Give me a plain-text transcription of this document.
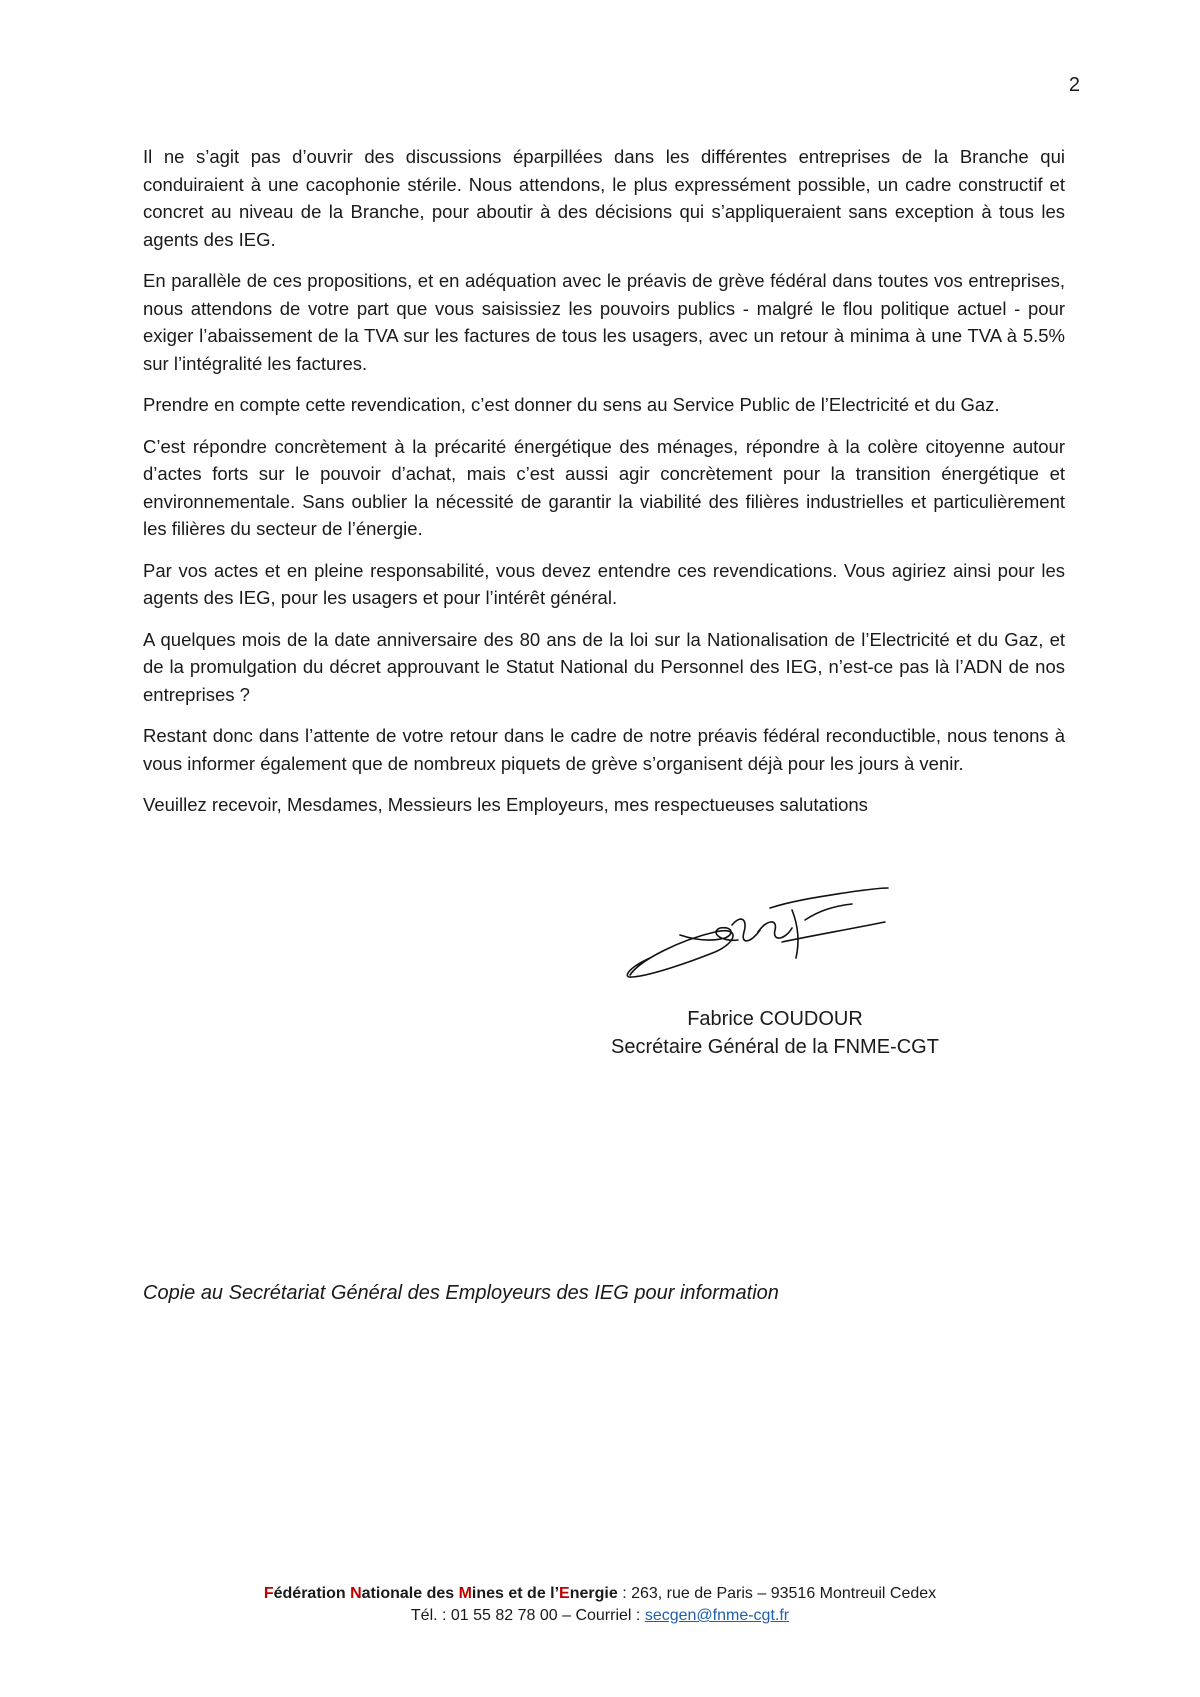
2

Il ne s’agit pas d’ouvrir des discussions éparpillées dans les différentes entreprises de la Branche qui conduiraient à une cacophonie stérile. Nous attendons, le plus expressément possible, un cadre constructif et concret au niveau de la Branche, pour aboutir à des décisions qui s’appliqueraient sans exception à tous les agents des IEG.

En parallèle de ces propositions, et en adéquation avec le préavis de grève fédéral dans toutes vos entreprises, nous attendons de votre part que vous saisissiez les pouvoirs publics - malgré le flou politique actuel - pour exiger l’abaissement de la TVA sur les factures de tous les usagers, avec un retour à minima à une TVA à 5.5% sur l’intégralité les factures.

Prendre en compte cette revendication, c’est donner du sens au Service Public de l’Electricité et du Gaz.

C’est répondre concrètement à la précarité énergétique des ménages, répondre à la colère citoyenne autour d’actes forts sur le pouvoir d’achat, mais c’est aussi agir concrètement pour la transition énergétique et environnementale. Sans oublier la nécessité de garantir la viabilité des filières industrielles et particulièrement les filières du secteur de l’énergie.

Par vos actes et en pleine responsabilité, vous devez entendre ces revendications. Vous agiriez ainsi pour les agents des IEG, pour les usagers et pour l’intérêt général.

A quelques mois de la date anniversaire des 80 ans de la loi sur la Nationalisation de l’Electricité et du Gaz, et de la promulgation du décret approuvant le Statut National du Personnel des IEG, n’est-ce pas là l’ADN de nos entreprises ?

Restant donc dans l’attente de votre retour dans le cadre de notre préavis fédéral reconductible, nous tenons à vous informer également que de nombreux piquets de grève s’organisent déjà pour les jours à venir.

Veuillez recevoir, Mesdames, Messieurs les Employeurs, mes respectueuses salutations

Fabrice COUDOUR
Secrétaire Général de la FNME-CGT
Copie au Secrétariat Général des Employeurs des IEG pour information
Fédération Nationale des Mines et de l’Energie : 263, rue de Paris – 93516 Montreuil Cedex
Tél. : 01 55 82 78 00 – Courriel : secgen@fnme-cgt.fr
